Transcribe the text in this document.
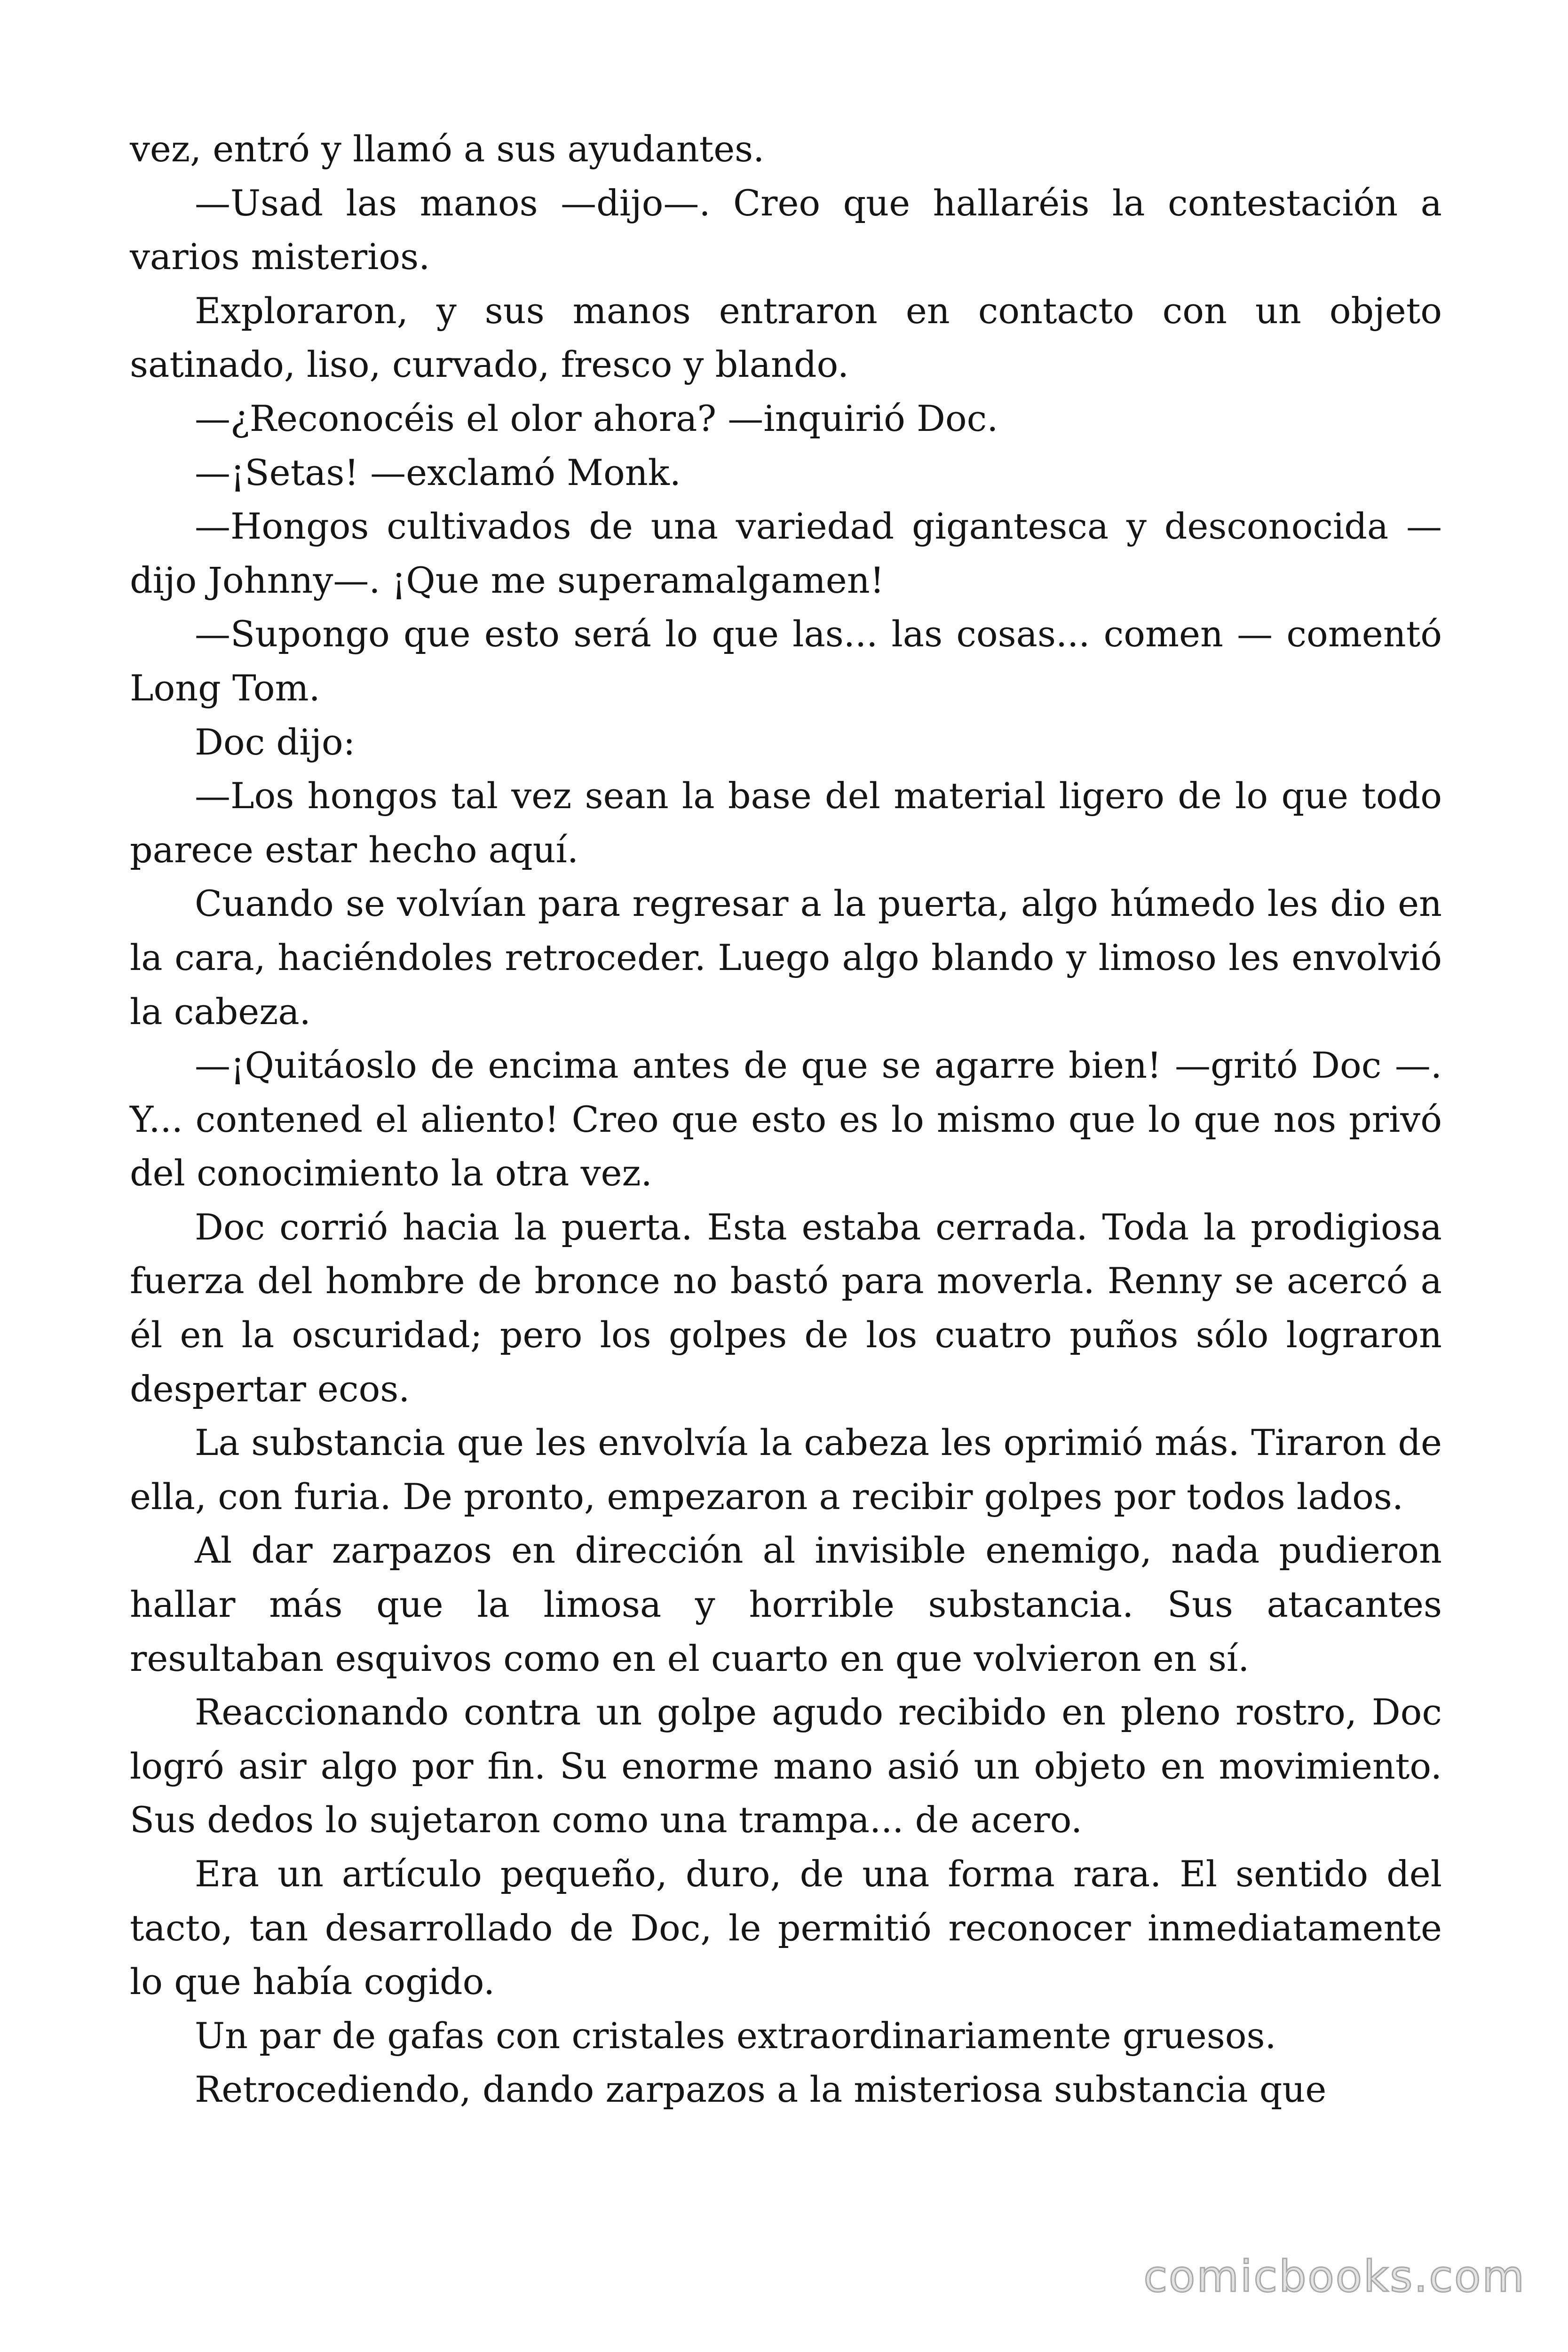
vez, entró y llamó a sus ayudantes.

—Usad las manos —dijo—. Creo que hallaréis la contestación a varios misterios.

Exploraron, y sus manos entraron en contacto con un objeto satinado, liso, curvado, fresco y blando.

—¿Reconocéis el olor ahora? —inquirió Doc.

—¡Setas! —exclamó Monk.

—Hongos cultivados de una variedad gigantesca y desconocida —dijo Johnny—. ¡Que me superamalgamen!

—Supongo que esto será lo que las... las cosas... comen — comentó Long Tom.

Doc dijo:

—Los hongos tal vez sean la base del material ligero de lo que todo parece estar hecho aquí.

Cuando se volvían para regresar a la puerta, algo húmedo les dio en la cara, haciéndoles retroceder. Luego algo blando y limoso les envolvió la cabeza.

—¡Quitáoslo de encima antes de que se agarre bien! —gritó Doc —. Y... contened el aliento! Creo que esto es lo mismo que lo que nos privó del conocimiento la otra vez.

Doc corrió hacia la puerta. Esta estaba cerrada. Toda la prodigiosa fuerza del hombre de bronce no bastó para moverla. Renny se acercó a él en la oscuridad; pero los golpes de los cuatro puños sólo lograron despertar ecos.

La substancia que les envolvía la cabeza les oprimió más. Tiraron de ella, con furia. De pronto, empezaron a recibir golpes por todos lados.

Al dar zarpazos en dirección al invisible enemigo, nada pudieron hallar más que la limosa y horrible substancia. Sus atacantes resultaban esquivos como en el cuarto en que volvieron en sí.

Reaccionando contra un golpe agudo recibido en pleno rostro, Doc logró asir algo por fin. Su enorme mano asió un objeto en movimiento. Sus dedos lo sujetaron como una trampa... de acero.

Era un artículo pequeño, duro, de una forma rara. El sentido del tacto, tan desarrollado de Doc, le permitió reconocer inmediatamente lo que había cogido.

Un par de gafas con cristales extraordinariamente gruesos.

Retrocediendo, dando zarpazos a la misteriosa substancia que

comicbooks.com
